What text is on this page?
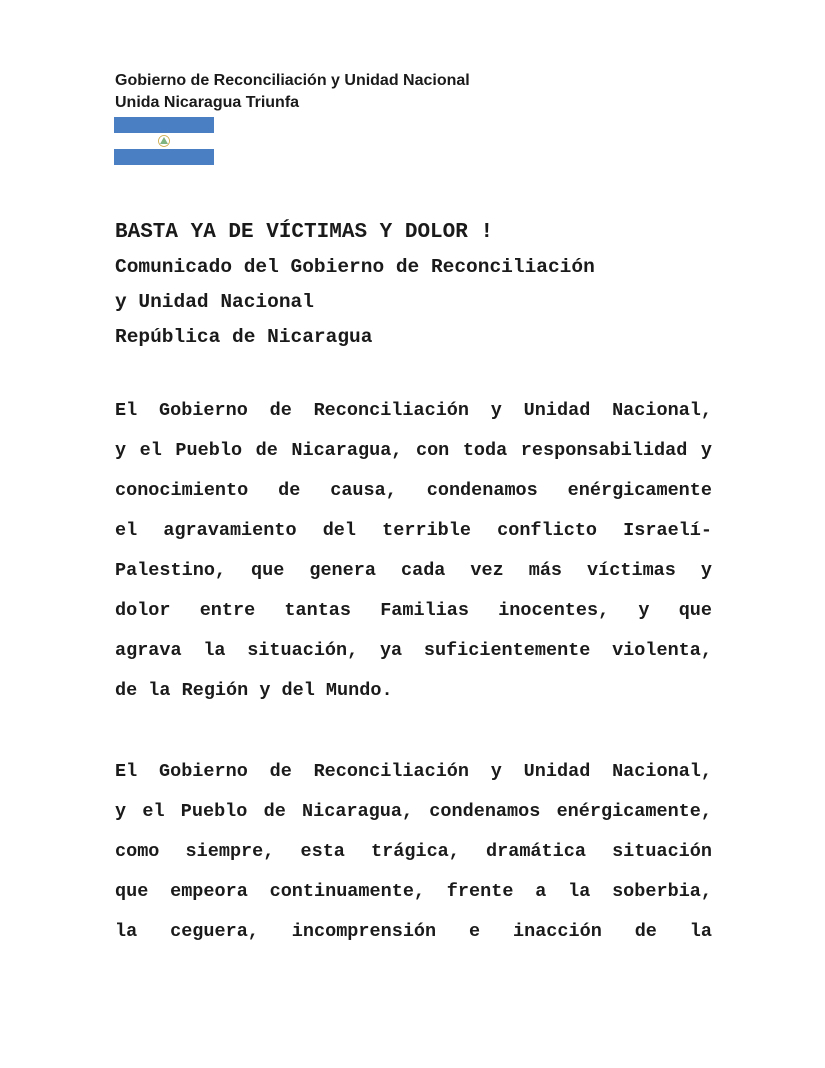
Gobierno de Reconciliación y Unidad Nacional
Unida Nicaragua Triunfa
BASTA YA DE VÍCTIMAS Y DOLOR !
Comunicado del Gobierno de Reconciliación
y Unidad Nacional
República de Nicaragua
El Gobierno de Reconciliación y Unidad Nacional,
y el Pueblo de Nicaragua, con toda responsabilidad y
conocimiento de causa, condenamos enérgicamente
el agravamiento del terrible conflicto Israelí-
Palestino, que genera cada vez más víctimas y
dolor entre tantas Familias inocentes, y que
agrava la situación, ya suficientemente violenta,
de la Región y del Mundo.
El Gobierno de Reconciliación y Unidad Nacional,
y el Pueblo de Nicaragua, condenamos enérgicamente,
como siempre, esta trágica, dramática situación
que empeora continuamente, frente a la soberbia,
la ceguera, incomprensión e inacción de la
